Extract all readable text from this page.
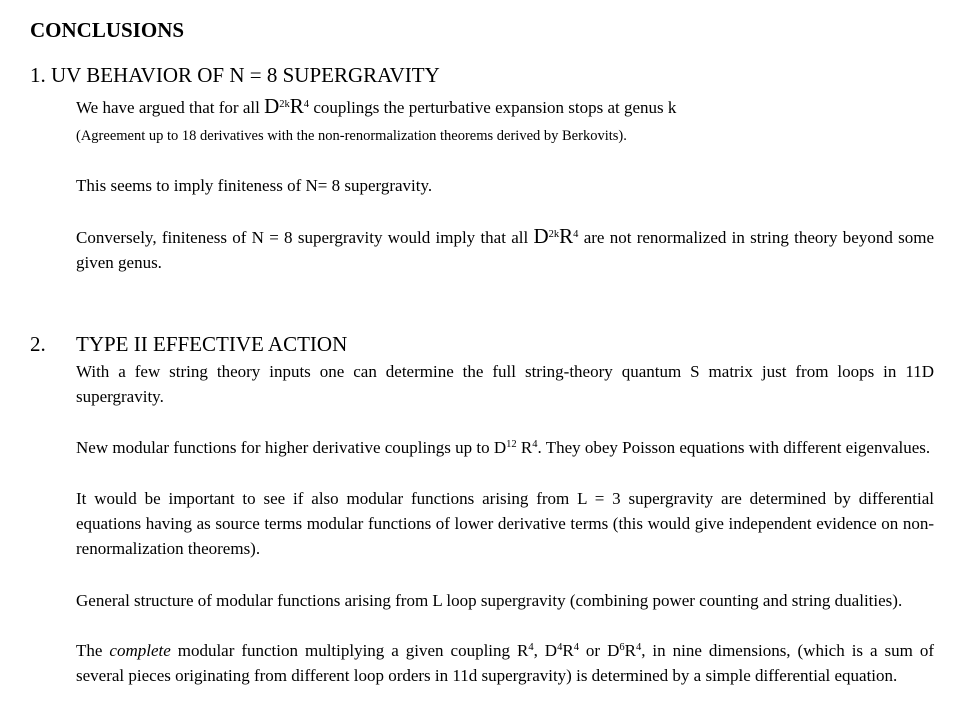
CONCLUSIONS
1. UV BEHAVIOR OF N = 8 SUPERGRAVITY
We have argued that for all $D^{2k}R^4$ couplings the perturbative expansion stops at genus k
(Agreement up to 18 derivatives with the non-renormalization theorems derived by Berkovits).
This seems to imply finiteness of N= 8 supergravity.
Conversely, finiteness of N = 8 supergravity would imply that all $D^{2k}R^4$ are not renormalized in string theory beyond some given genus.
2. TYPE II EFFECTIVE ACTION
With a few string theory inputs one can determine the full string-theory quantum S matrix just from loops in 11D supergravity.
New modular functions for higher derivative couplings up to $D^{12}$ $R^4$. They obey Poisson equations with different eigenvalues.
It would be important to see if also modular functions arising from L = 3 supergravity are determined by differential equations having as source terms modular functions of lower derivative terms (this would give independent evidence on non-renormalization theorems).
General structure of modular functions arising from L loop supergravity (combining power counting and string dualities).
The complete modular function multiplying a given coupling $R^4$, $D^4R^4$ or $D^6R^4$, in nine dimensions, (which is a sum of several pieces originating from different loop orders in 11d supergravity) is determined by a simple differential equation.
